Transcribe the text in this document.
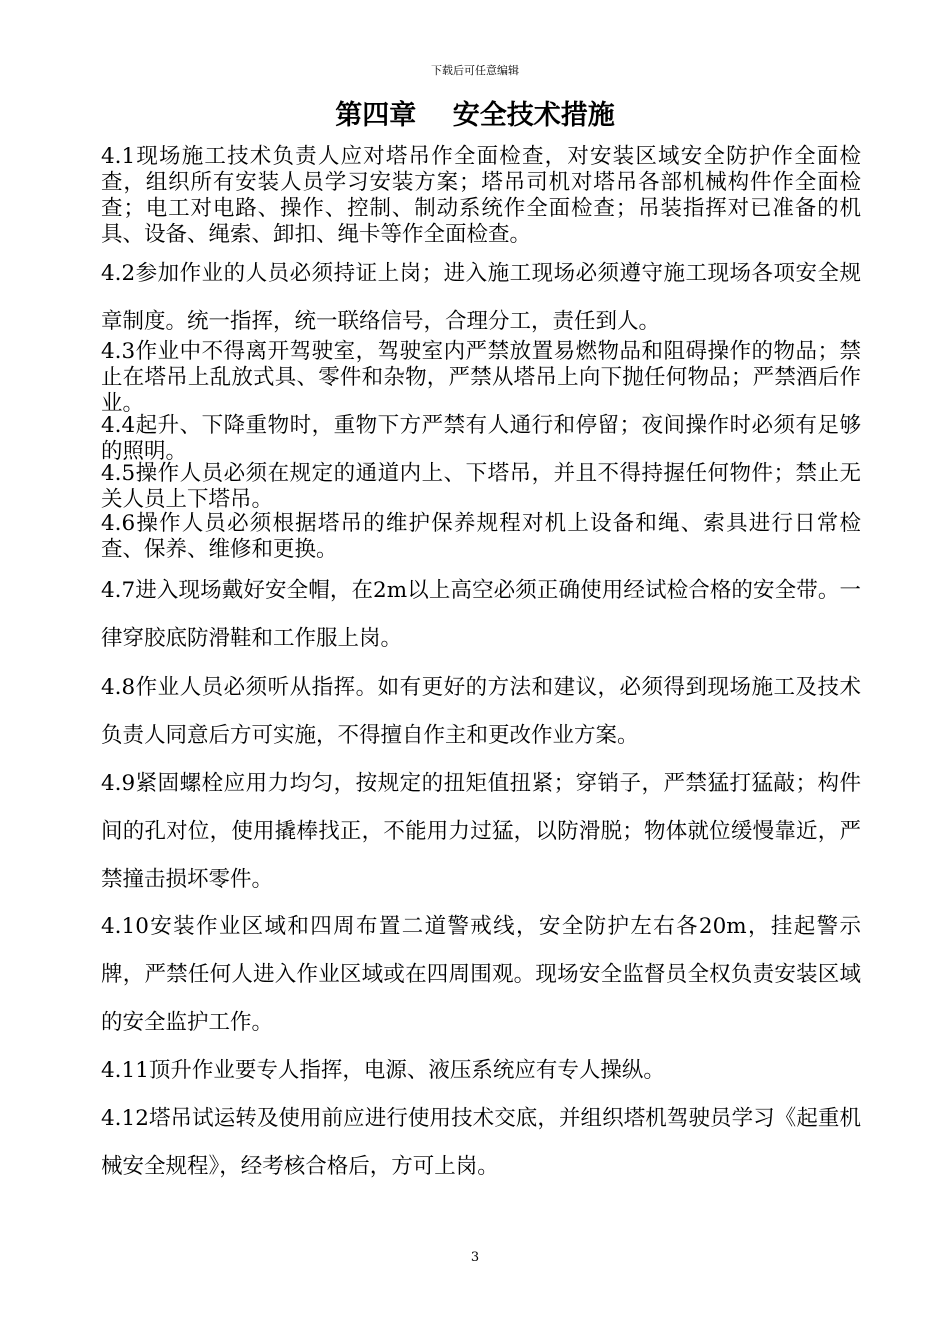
下载后可任意编辑
第四章　 安全技术措施

4.1现场施工技术负责人应对塔吊作全面检查，对安装区域安全防护作全面检查，组织所有安装人员学习安装方案；塔吊司机对塔吊各部机械构件作全面检查；电工对电路、操作、控制、制动系统作全面检查；吊装指挥对已准备的机具、设备、绳索、卸扣、绳卡等作全面检查。

4.2参加作业的人员必须持证上岗；进入施工现场必须遵守施工现场各项安全规章制度。统一指挥，统一联络信号，合理分工，责任到人。

4.3作业中不得离开驾驶室，驾驶室内严禁放置易燃物品和阻碍操作的物品；禁止在塔吊上乱放式具、零件和杂物，严禁从塔吊上向下抛任何物品；严禁酒后作业。

4.4起升、下降重物时，重物下方严禁有人通行和停留；夜间操作时必须有足够的照明。

4.5操作人员必须在规定的通道内上、下塔吊，并且不得持握任何物件；禁止无关人员上下塔吊。

4.6操作人员必须根据塔吊的维护保养规程对机上设备和绳、索具进行日常检查、保养、维修和更换。

4.7进入现场戴好安全帽，在2m以上高空必须正确使用经试检合格的安全带。一律穿胶底防滑鞋和工作服上岗。

4.8作业人员必须听从指挥。如有更好的方法和建议，必须得到现场施工及技术负责人同意后方可实施，不得擅自作主和更改作业方案。

4.9紧固螺栓应用力均匀，按规定的扭矩值扭紧；穿销子，严禁猛打猛敲；构件间的孔对位，使用撬棒找正，不能用力过猛，以防滑脱；物体就位缓慢靠近，严禁撞击损坏零件。

4.10安装作业区域和四周布置二道警戒线，安全防护左右各20m，挂起警示牌，严禁任何人进入作业区域或在四周围观。现场安全监督员全权负责安装区域的安全监护工作。

4.11顶升作业要专人指挥，电源、液压系统应有专人操纵。

4.12塔吊试运转及使用前应进行使用技术交底，并组织塔机驾驶员学习《起重机械安全规程》，经考核合格后，方可上岗。

3
